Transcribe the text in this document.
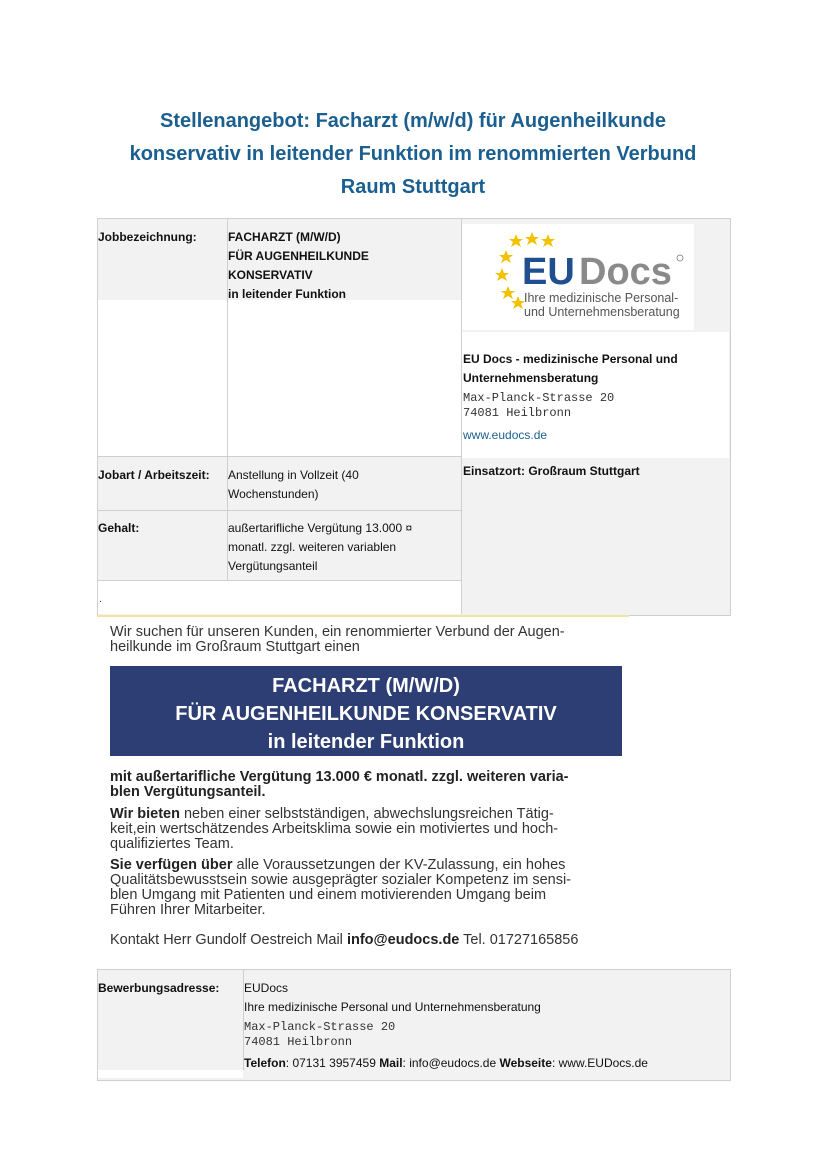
Stellenangebot: Facharzt (m/w/d) für Augenheilkunde
konservativ in leitender Funktion im renommierten Verbund
Raum Stuttgart
Jobbezeichnung:	FACHARZT (M/W/D)
FÜR AUGENHEILKUNDE
KONSERVATIV
in leitender Funktion
Jobart / Arbeitszeit: Anstellung in Vollzeit (40
Wochenstunden)
Gehalt:	außertarifliche Vergütung 13.000 ¤
monatl. zzgl. weiteren variablen
Vergütungsanteil
.
EU Docs
Ihre medizinische Personal-
und Unternehmensberatung
EU Docs - medizinische Personal und
Unternehmensberatung
Max-Planck-Strasse 20
74081 Heilbronn
www.eudocs.de
Einsatzort: Großraum Stuttgart
Wir suchen für unseren Kunden, ein renommierter Verbund der Augen-
heilkunde im Großraum Stuttgart einen
FACHARZT (M/W/D)
FÜR AUGENHEILKUNDE KONSERVATIV
in leitender Funktion
mit außertarifliche Vergütung 13.000 € monatl. zzgl. weiteren varia-
blen Vergütungsanteil.
Wir bieten neben einer selbstständigen, abwechslungsreichen Tätig-
keit,ein wertschätzendes Arbeitsklima sowie ein motiviertes und hoch-
qualifiziertes Team.
Sie verfügen über alle Voraussetzungen der KV-Zulassung, ein hohes
Qualitätsbewusstsein sowie ausgeprägter sozialer Kompetenz im sensi-
blen Umgang mit Patienten und einem motivierenden Umgang beim
Führen Ihrer Mitarbeiter.
Kontakt Herr Gundolf Oestreich Mail info@eudocs.de Tel. 01727165856
Bewerbungsadresse: EUDocs
Ihre medizinische Personal und Unternehmensberatung
Max-Planck-Strasse 20
74081 Heilbronn
Telefon: 07131 3957459 Mail: info@eudocs.de Webseite: www.EUDocs.de
